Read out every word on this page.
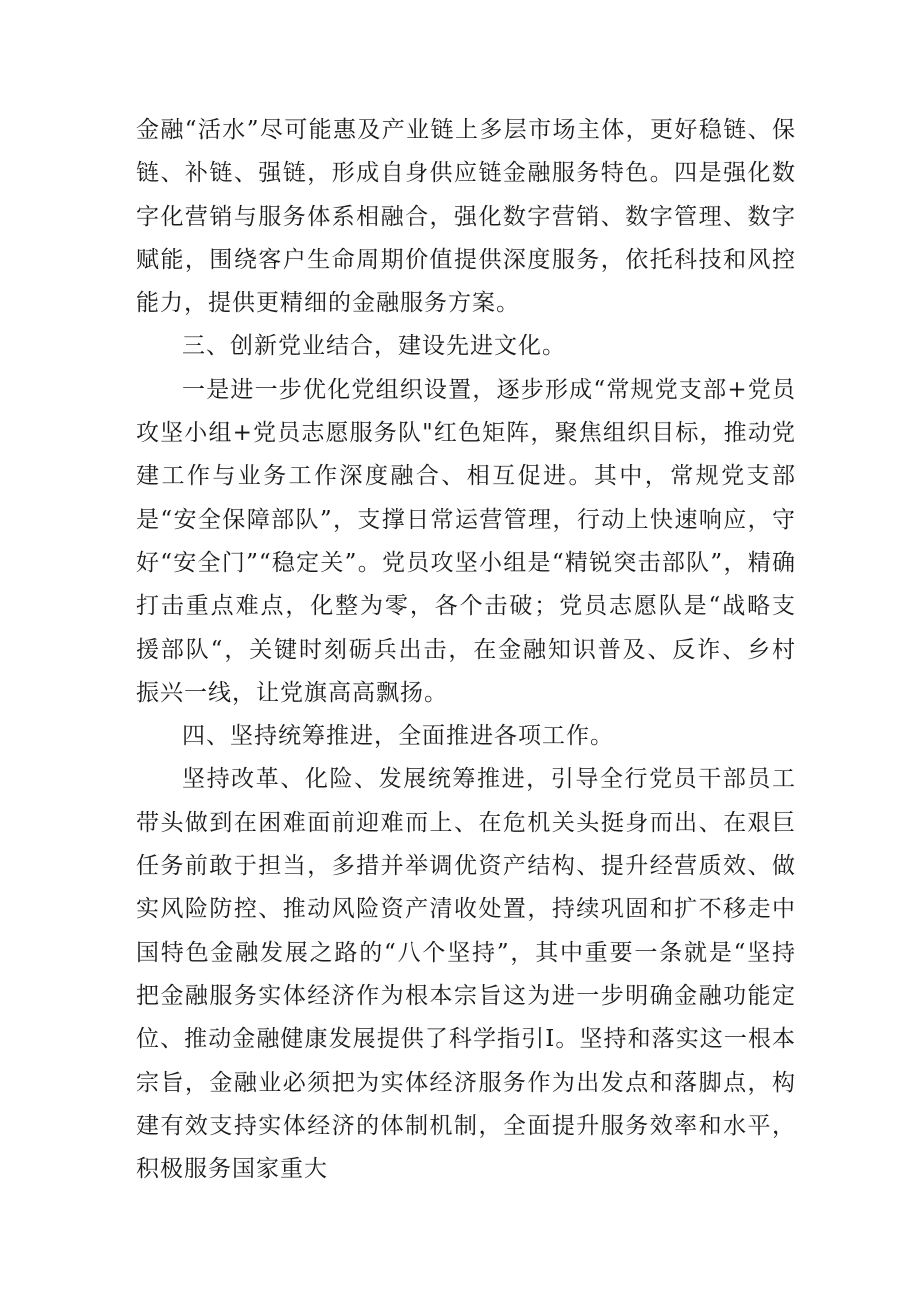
金融“活水”尽可能惠及产业链上多层市场主体，更好稳链、保链、补链、强链，形成自身供应链金融服务特色。四是强化数字化营销与服务体系相融合，强化数字营销、数字管理、数字赋能，围绕客户生命周期价值提供深度服务，依托科技和风控能力，提供更精细的金融服务方案。

三、创新党业结合，建设先进文化。

一是进一步优化党组织设置，逐步形成“常规党支部+党员攻坚小组+党员志愿服务队"红色矩阵，聚焦组织目标，推动党建工作与业务工作深度融合、相互促进。其中，常规党支部是“安全保障部队”，支撑日常运营管理，行动上快速响应，守好“安全门”“稳定关”。党员攻坚小组是“精锐突击部队”，精确打击重点难点，化整为零，各个击破；党员志愿队是“战略支援部队“，关键时刻砺兵出击，在金融知识普及、反诈、乡村振兴一线，让党旗高高飘扬。

四、坚持统筹推进，全面推进各项工作。

坚持改革、化险、发展统筹推进，引导全行党员干部员工带头做到在困难面前迎难而上、在危机关头挺身而出、在艰巨任务前敢于担当，多措并举调优资产结构、提升经营质效、做实风险防控、推动风险资产清收处置，持续巩固和扩不移走中国特色金融发展之路的“八个坚持”，其中重要一条就是“坚持把金融服务实体经济作为根本宗旨这为进一步明确金融功能定位、推动金融健康发展提供了科学指引I。坚持和落实这一根本宗旨，金融业必须把为实体经济服务作为出发点和落脚点，构建有效支持实体经济的体制机制，全面提升服务效率和水平，积极服务国家重大
